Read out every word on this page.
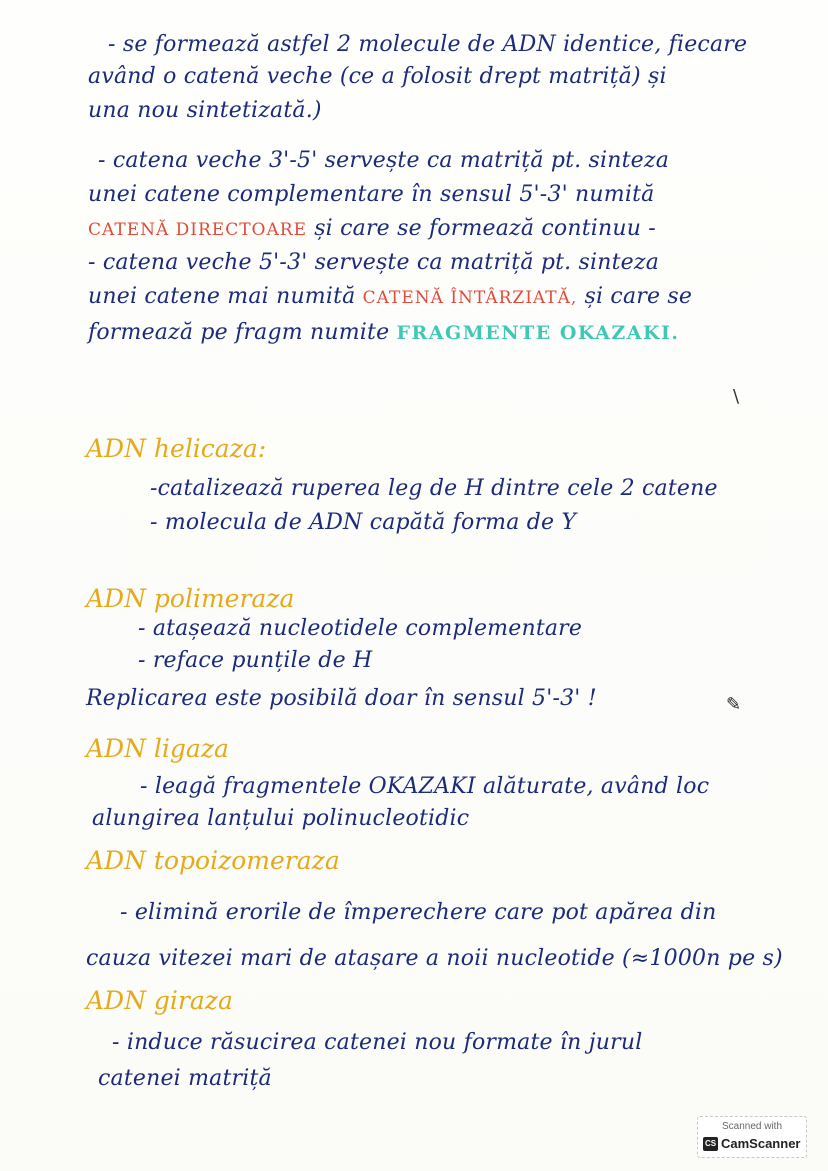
- se formează astfel 2 molecule de ADN identice, fiecare
având o catenă veche (ce a folosit drept matriță) și
una nou sintetizată.)
- catena veche 3'-5' servește ca matriță pt. sinteza
unei catene complementare în sensul 5'-3' numită
CATENĂ DIRECTOARE și care se formează continuu -
- catena veche 5'-3' servește ca matriță pt. sinteza
unei catene mai numită CATENĂ ÎNTÂRZIATĂ, și care se
formează pe fragm numite FRAGMENTE OKAZAKI.
\
ADN helicaza:
-catalizează ruperea leg de H dintre cele 2 catene
- molecula de ADN capătă forma de Y
ADN polimeraza
- atașează nucleotidele complementare
- reface punțile de H
Replicarea este posibilă doar în sensul 5'-3' !	✎
ADN ligaza
- leagă fragmentele OKAZAKI alăturate, având loc
alungirea lanțului polinucleotidic
ADN topoizomeraza
- elimină erorile de împerechere care pot apărea din
cauza vitezei mari de atașare a noii nucleotide (≈1000n pe s)
ADN giraza
- induce răsucirea catenei nou formate în jurul
catenei matriță
Scanned with
CS CamScanner
